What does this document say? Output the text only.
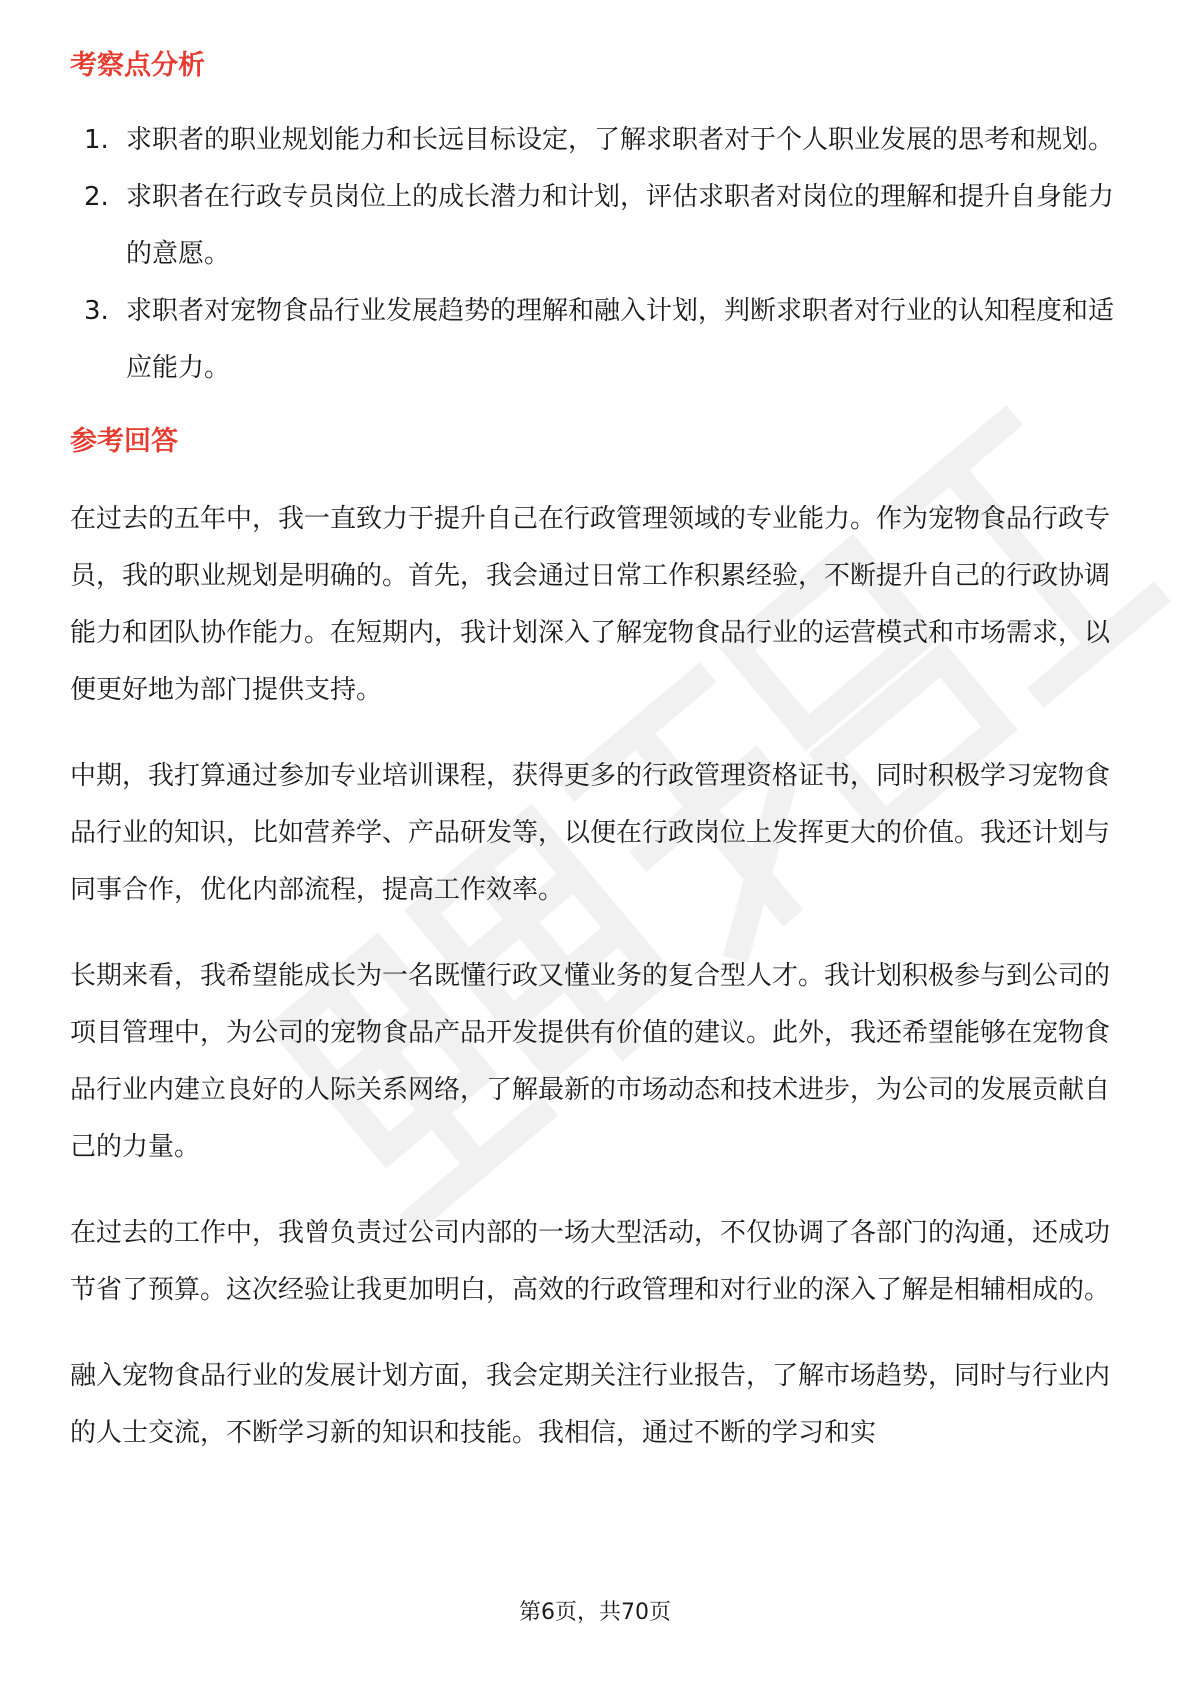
考察点分析
1. 求职者的职业规划能力和长远目标设定，了解求职者对于个人职业发展的思考和规划。
2. 求职者在行政专员岗位上的成长潜力和计划，评估求职者对岗位的理解和提升自身能力的意愿。
3. 求职者对宠物食品行业发展趋势的理解和融入计划，判断求职者对行业的认知程度和适应能力。
参考回答

在过去的五年中，我一直致力于提升自己在行政管理领域的专业能力。作为宠物食品行政专员，我的职业规划是明确的。首先，我会通过日常工作积累经验，不断提升自己的行政协调能力和团队协作能力。在短期内，我计划深入了解宠物食品行业的运营模式和市场需求，以便更好地为部门提供支持。

中期，我打算通过参加专业培训课程，获得更多的行政管理资格证书，同时积极学习宠物食品行业的知识，比如营养学、产品研发等，以便在行政岗位上发挥更大的价值。我还计划与同事合作，优化内部流程，提高工作效率。

长期来看，我希望能成长为一名既懂行政又懂业务的复合型人才。我计划积极参与到公司的项目管理中，为公司的宠物食品产品开发提供有价值的建议。此外，我还希望能够在宠物食品行业内建立良好的人际关系网络，了解最新的市场动态和技术进步，为公司的发展贡献自己的力量。

在过去的工作中，我曾负责过公司内部的一场大型活动，不仅协调了各部门的沟通，还成功节省了预算。这次经验让我更加明白，高效的行政管理和对行业的深入了解是相辅相成的。

融入宠物食品行业的发展计划方面，我会定期关注行业报告，了解市场趋势，同时与行业内的人士交流，不断学习新的知识和技能。我相信，通过不断的学习和实

第6页，共70页
